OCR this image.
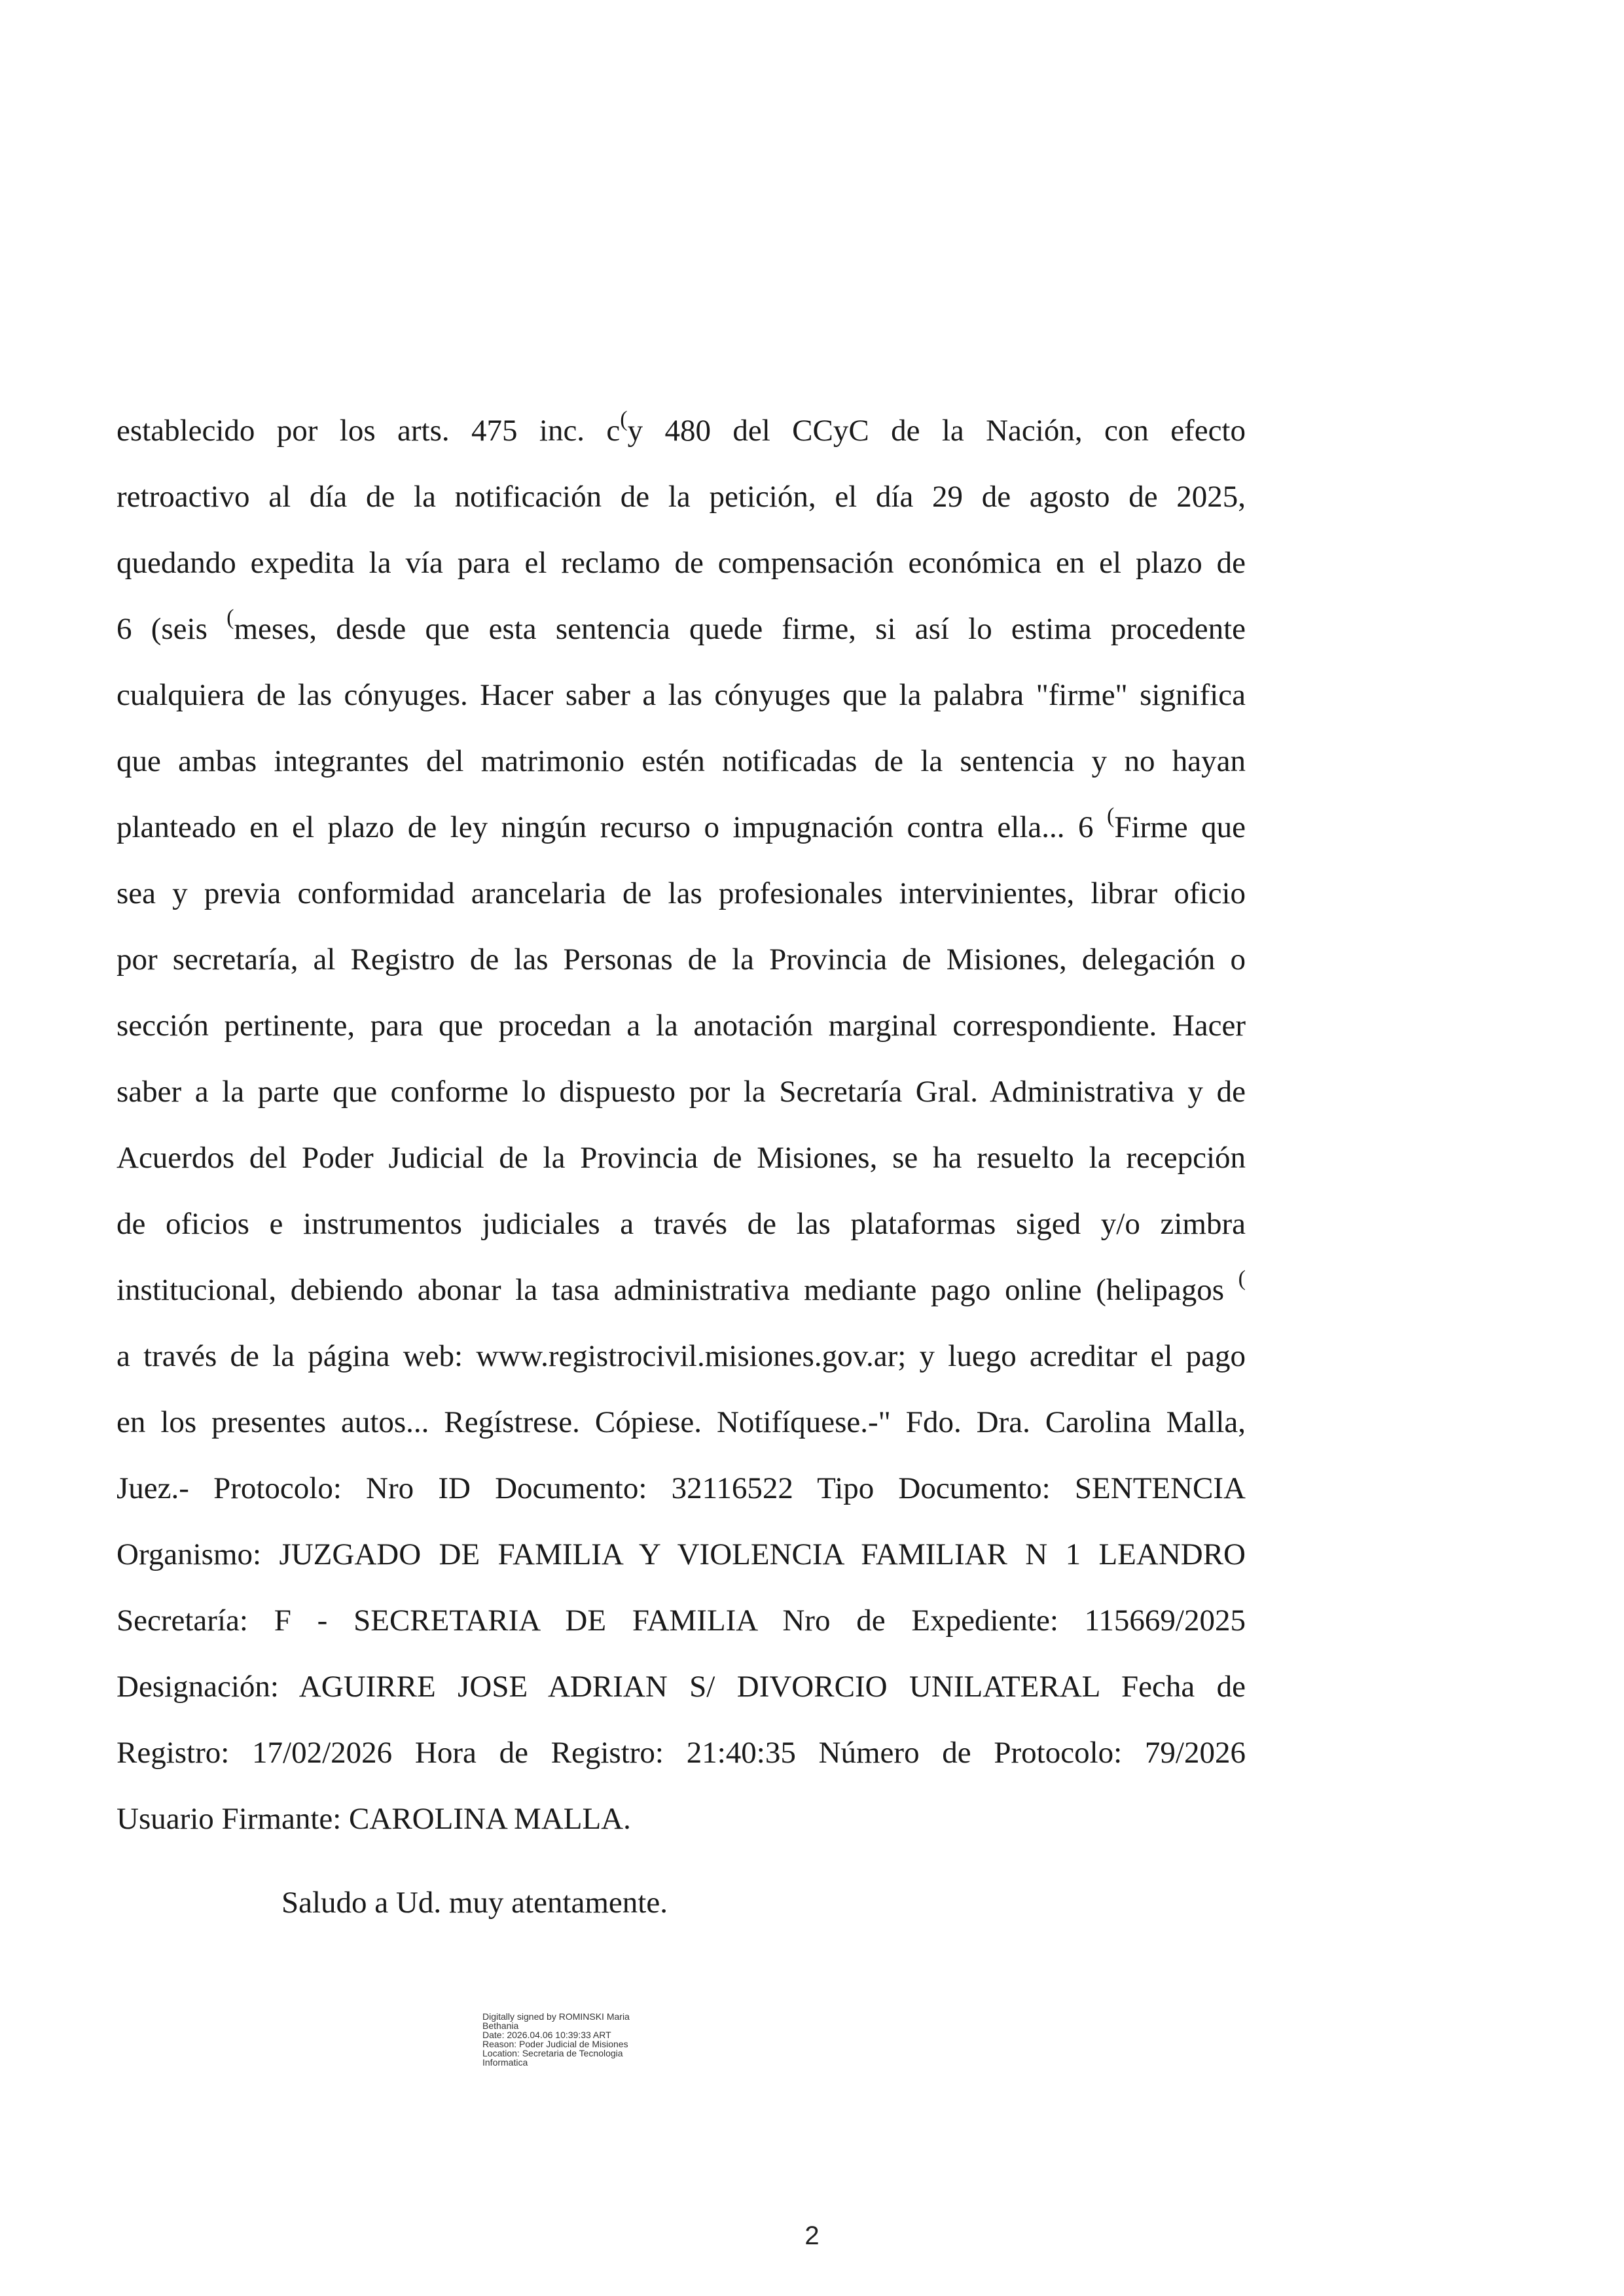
establecido por los arts. 475 inc. c(y 480 del CCyC de la Nación, con efecto
retroactivo al día de la notificación de la petición, el día 29 de agosto de 2025,
quedando expedita la vía para el reclamo de compensación económica en el plazo de
6 (seis (meses, desde que esta sentencia quede firme, si así lo estima procedente
cualquiera de las cónyuges. Hacer saber a las cónyuges que la palabra "firme" significa
que ambas integrantes del matrimonio estén notificadas de la sentencia y no hayan
planteado en el plazo de ley ningún recurso o impugnación contra ella... 6 (Firme que
sea y previa conformidad arancelaria de las profesionales intervinientes, librar oficio
por secretaría, al Registro de las Personas de la Provincia de Misiones, delegación o
sección pertinente, para que procedan a la anotación marginal correspondiente. Hacer
saber a la parte que conforme lo dispuesto por la Secretaría Gral. Administrativa y de
Acuerdos del Poder Judicial de la Provincia de Misiones, se ha resuelto la recepción
de oficios e instrumentos judiciales a través de las plataformas siged y/o zimbra
institucional, debiendo abonar la tasa administrativa mediante pago online (helipagos (
a través de la página web: www.registrocivil.misiones.gov.ar; y luego acreditar el pago
en los presentes autos... Regístrese. Cópiese. Notifíquese.-" Fdo. Dra. Carolina Malla,
Juez.- Protocolo: Nro ID Documento: 32116522 Tipo Documento: SENTENCIA
Organismo: JUZGADO DE FAMILIA Y VIOLENCIA FAMILIAR N 1 LEANDRO
Secretaría: F - SECRETARIA DE FAMILIA Nro de Expediente: 115669/2025
Designación: AGUIRRE JOSE ADRIAN S/ DIVORCIO UNILATERAL Fecha de
Registro: 17/02/2026 Hora de Registro: 21:40:35 Número de Protocolo: 79/2026
Usuario Firmante: CAROLINA MALLA.
Saludo a Ud. muy atentamente.
Digitally signed by ROMINSKI Maria
Bethania
Date: 2026.04.06 10:39:33 ART
Reason: Poder Judicial de Misiones
Location: Secretaria de Tecnologia
Informatica
2
